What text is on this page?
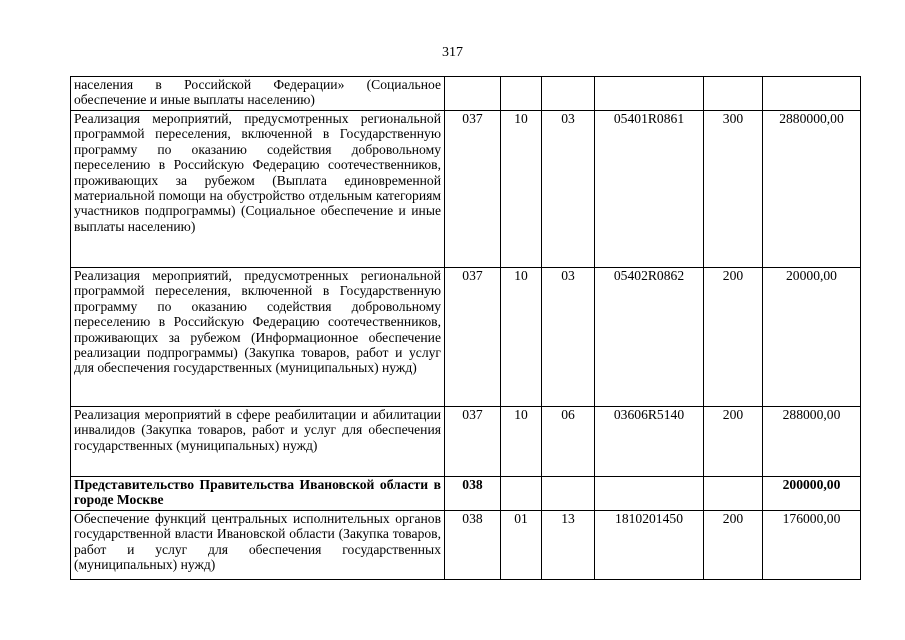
317
населения в Российской Федерации» (Социальное обеспечение и иные выплаты населению)						
Реализация мероприятий, предусмотренных региональной программой переселения, включенной в Государственную программу по оказанию содействия добровольному переселению в Российскую Федерацию соотечественников, проживающих за рубежом (Выплата единовременной материальной помощи на обустройство отдельным категориям участников подпрограммы) (Социальное обеспечение и иные выплаты населению)	037	10	03	05401R0861	300	2880000,00
Реализация мероприятий, предусмотренных региональной программой переселения, включенной в Государственную программу по оказанию содействия добровольному переселению в Российскую Федерацию соотечественников, проживающих за рубежом (Информационное обеспечение реализации подпрограммы) (Закупка товаров, работ и услуг для обеспечения государственных (муниципальных) нужд)	037	10	03	05402R0862	200	20000,00
Реализация мероприятий в сфере реабилитации и абилитации инвалидов (Закупка товаров, работ и услуг для обеспечения государственных (муниципальных) нужд)	037	10	06	03606R5140	200	288000,00
Представительство Правительства Ивановской области в городе Москве	038					200000,00
Обеспечение функций центральных исполнительных органов государственной власти Ивановской области (Закупка товаров, работ и услуг для обеспечения государственных (муниципальных) нужд)	038	01	13	1810201450	200	176000,00
